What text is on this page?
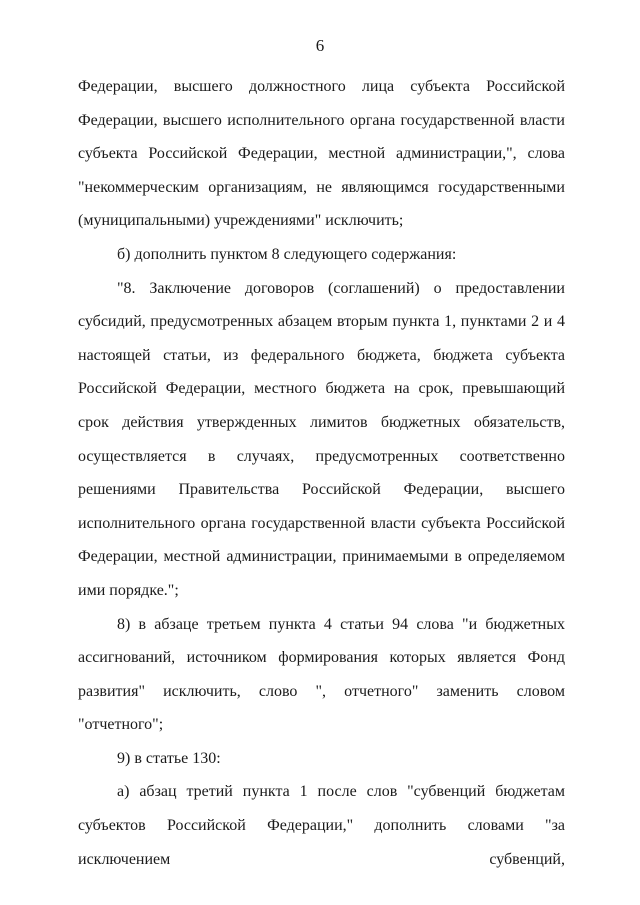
6

Федерации, высшего должностного лица субъекта Российской Федерации, высшего исполнительного органа государственной власти субъекта Российской Федерации, местной администрации,", слова "некоммерческим организациям, не являющимся государственными (муниципальными) учреждениями" исключить;

б) дополнить пунктом 8 следующего содержания:

"8. Заключение договоров (соглашений) о предоставлении субсидий, предусмотренных абзацем вторым пункта 1, пунктами 2 и 4 настоящей статьи, из федерального бюджета, бюджета субъекта Российской Федерации, местного бюджета на срок, превышающий срок действия утвержденных лимитов бюджетных обязательств, осуществляется в случаях, предусмотренных соответственно решениями Правительства Российской Федерации, высшего исполнительного органа государственной власти субъекта Российской Федерации, местной администрации, принимаемыми в определяемом ими порядке.";

8) в абзаце третьем пункта 4 статьи 94 слова "и бюджетных ассигнований, источником формирования которых является Фонд развития" исключить, слово ", отчетного" заменить словом "отчетного";

9) в статье 130:

а) абзац третий пункта 1 после слов "субвенций бюджетам субъектов Российской Федерации," дополнить словами "за исключением субвенций,
